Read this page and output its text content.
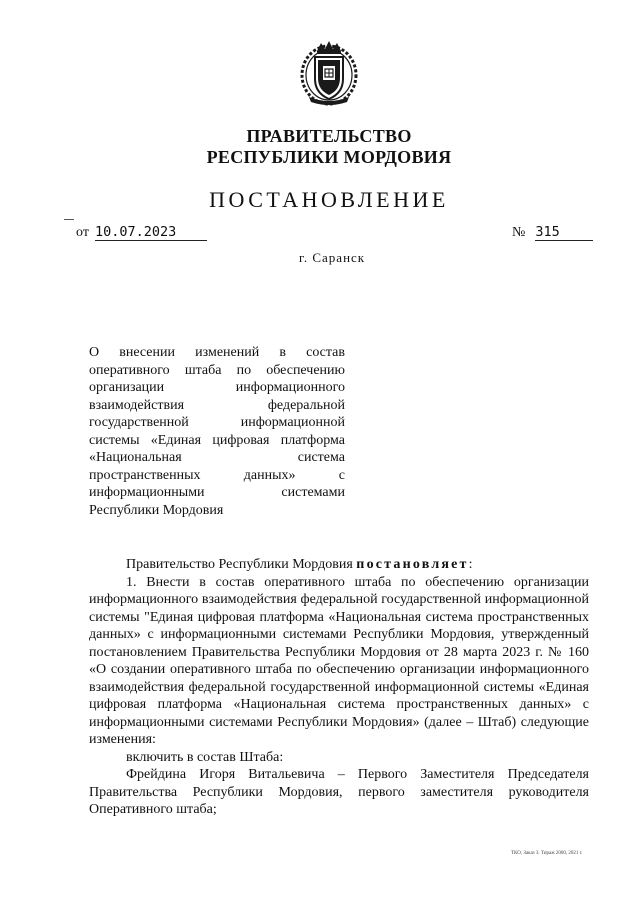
ПРАВИТЕЛЬСТВО
РЕСПУБЛИКИ МОРДОВИЯ
ПОСТАНОВЛЕНИЕ
от 10.07.2023	№ 315
г. Саранск
О внесении изменений в состав оперативного штаба по обеспечению организации информационного взаимодействия федеральной государственной информационной системы «Единая цифровая платформа «Национальная система пространственных данных» с информационными системами Республики Мордовия

Правительство Республики Мордовия постановляет:

1. Внести в состав оперативного штаба по обеспечению организации информационного взаимодействия федеральной государственной информационной системы "Единая цифровая платформа «Национальная система пространственных данных» с информационными системами Республики Мордовия, утвержденный постановлением Правительства Республики Мордовия от 28 марта 2023 г. № 160 «О создании оперативного штаба по обеспечению организации информационного взаимодействия федеральной государственной информационной системы «Единая цифровая платформа «Национальная система пространственных данных» с информационными системами Республики Мордовия» (далее – Штаб) следующие изменения:

включить в состав Штаба:

Фрейдина Игоря Витальевича – Первого Заместителя Председателя Правительства Республики Мордовия, первого заместителя руководителя Оперативного штаба;

ТКО, Заказ 3. Тираж 2000, 2021 г.
